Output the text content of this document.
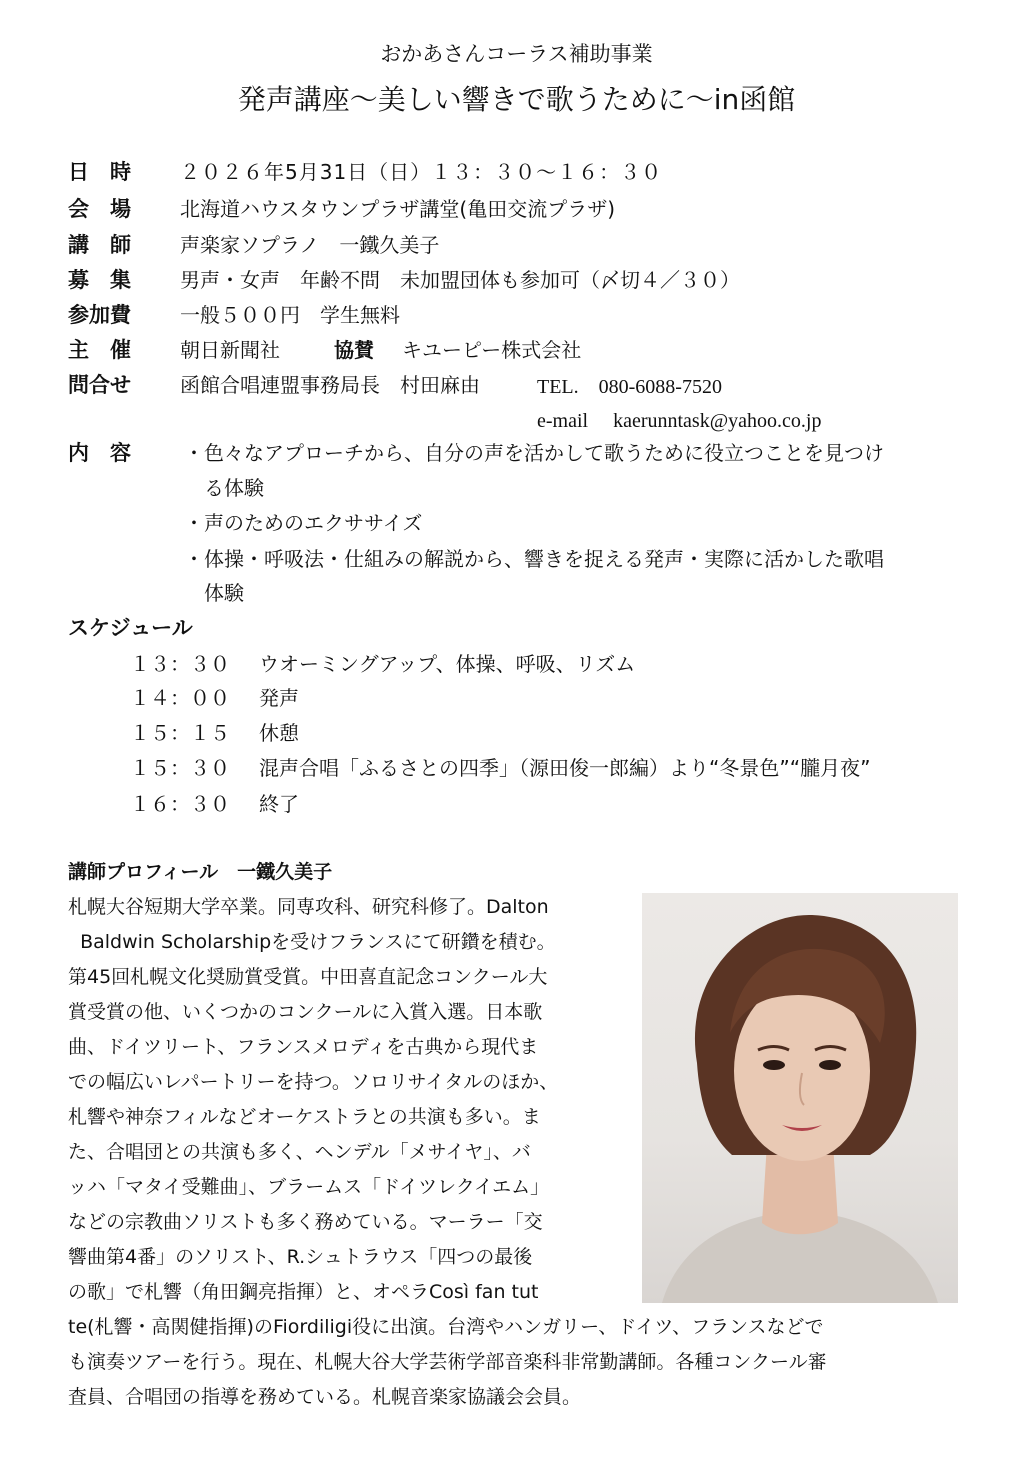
おかあさんコーラス補助事業
発声講座～美しい響きで歌うために～in函館
日　時 ２０２６年5月31日（日）１３：３０～１６：３０
会　場 北海道ハウスタウンプラザ講堂(亀田交流プラザ)
講　師 声楽家ソプラノ　一鐵久美子
募　集 男声・女声　年齢不問　未加盟団体も参加可（〆切４／３０）
参加費 一般５００円　学生無料
主　催 朝日新聞社	協賛 キユーピー株式会社
問合せ 函館合唱連盟事務局長　村田麻由	TEL.　080-6088-7520
e-mail　 kaerunntask@yahoo.co.jp
内　容	・色々なアプローチから、自分の声を活かして歌うために役立つことを見つけ
る体験
・声のためのエクササイズ
・体操・呼吸法・仕組みの解説から、響きを捉える発声・実際に活かした歌唱
体験
スケジュール
１３：３０ ウオーミングアップ、体操、呼吸、リズム
１４：００ 発声
１５：１５ 休憩
１５：３０ 混声合唱「ふるさとの四季」（源田俊一郎編）より“冬景色”“朧月夜”
１６：３０ 終了
講師プロフィール　一鐵久美子
札幌大谷短期大学卒業。同専攻科、研究科修了。Dalton
Baldwin Scholarshipを受けフランスにて研鑽を積む。
第45回札幌文化奨励賞受賞。中田喜直記念コンクール大
賞受賞の他、いくつかのコンクールに入賞入選。日本歌
曲、ドイツリート、フランスメロディを古典から現代ま
での幅広いレパートリーを持つ。ソロリサイタルのほか、
札響や神奈フィルなどオーケストラとの共演も多い。ま
た、合唱団との共演も多く、ヘンデル「メサイヤ」、バ
ッハ「マタイ受難曲」、ブラームス「ドイツレクイエム」
などの宗教曲ソリストも多く務めている。マーラー「交
響曲第4番」のソリスト、R.シュトラウス「四つの最後
の歌」で札響（角田鋼亮指揮）と、オペラCosì fan tut
te(札響・高関健指揮)のFiordiligi役に出演。台湾やハンガリー、ドイツ、フランスなどで
も演奏ツアーを行う。現在、札幌大谷大学芸術学部音楽科非常勤講師。各種コンクール審
査員、合唱団の指導を務めている。札幌音楽家協議会会員。
